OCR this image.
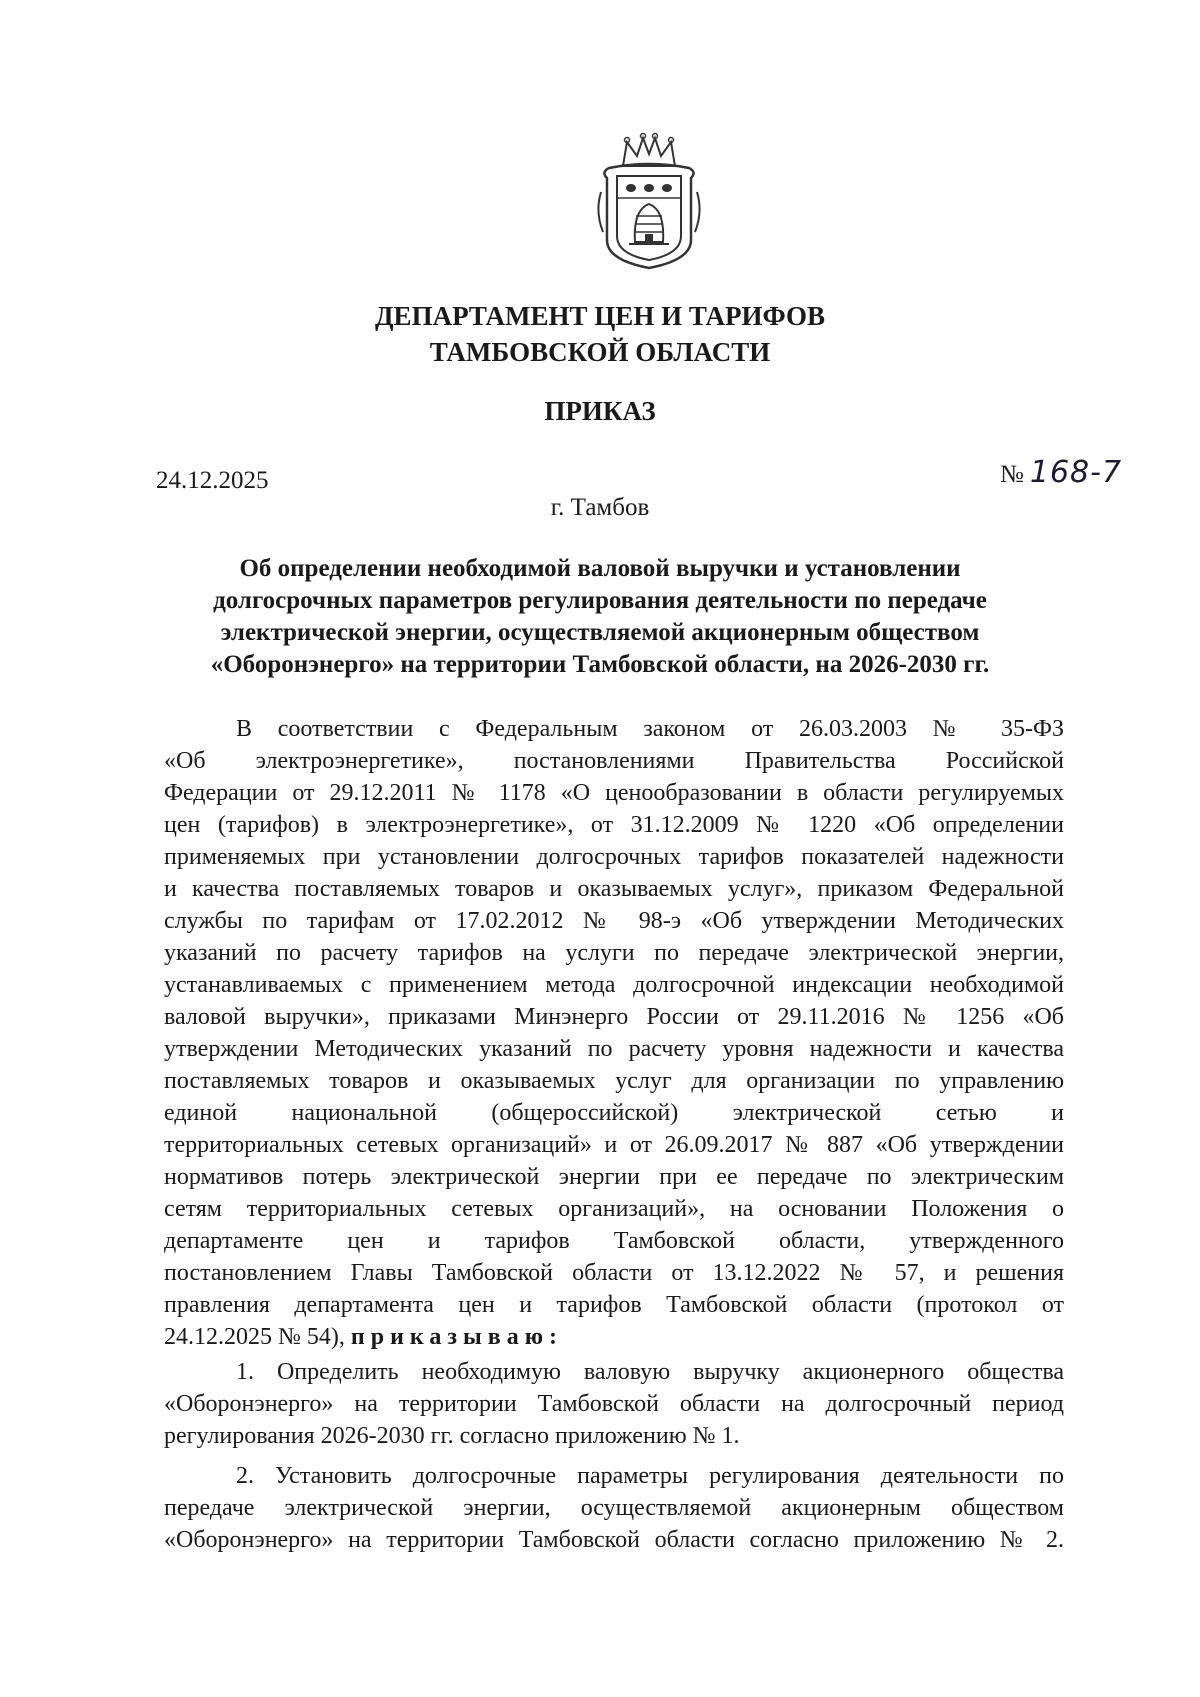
ДЕПАРТАМЕНТ ЦЕН И ТАРИФОВ
ТАМБОВСКОЙ ОБЛАСТИ
ПРИКАЗ
24.12.2025	№ 168-7
г. Тамбов
Об определении необходимой валовой выручки и установлении
долгосрочных параметров регулирования деятельности по передаче
электрической энергии, осуществляемой акционерным обществом
«Оборонэнерго» на территории Тамбовской области, на 2026-2030 гг.
В соответствии с Федеральным законом от 26.03.2003 № 35-ФЗ
«Об электроэнергетике», постановлениями Правительства Российской
Федерации от 29.12.2011 № 1178 «О ценообразовании в области регулируемых
цен (тарифов) в электроэнергетике», от 31.12.2009 № 1220 «Об определении
применяемых при установлении долгосрочных тарифов показателей надежности
и качества поставляемых товаров и оказываемых услуг», приказом Федеральной
службы по тарифам от 17.02.2012 № 98-э «Об утверждении Методических
указаний по расчету тарифов на услуги по передаче электрической энергии,
устанавливаемых с применением метода долгосрочной индексации необходимой
валовой выручки», приказами Минэнерго России от 29.11.2016 № 1256 «Об
утверждении Методических указаний по расчету уровня надежности и качества
поставляемых товаров и оказываемых услуг для организации по управлению
единой национальной (общероссийской) электрической сетью и
территориальных сетевых организаций» и от 26.09.2017 № 887 «Об утверждении
нормативов потерь электрической энергии при ее передаче по электрическим
сетям территориальных сетевых организаций», на основании Положения о
департаменте цен и тарифов Тамбовской области, утвержденного
постановлением Главы Тамбовской области от 13.12.2022 № 57, и решения
правления департамента цен и тарифов Тамбовской области (протокол от
24.12.2025 № 54), приказываю:
1. Определить необходимую валовую выручку акционерного общества
«Оборонэнерго» на территории Тамбовской области на долгосрочный период
регулирования 2026-2030 гг. согласно приложению № 1.
2. Установить долгосрочные параметры регулирования деятельности по
передаче электрической энергии, осуществляемой акционерным обществом
«Оборонэнерго» на территории Тамбовской области согласно приложению № 2.
